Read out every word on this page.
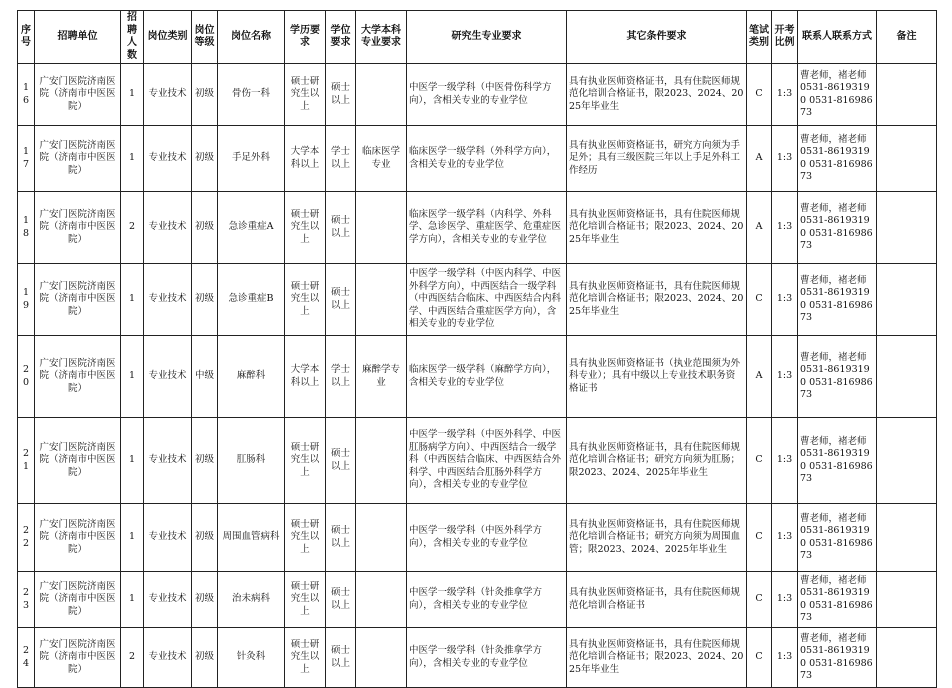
序号	招聘单位	招聘人数	岗位类别	岗位等级	岗位名称	学历要求	学位要求	大学本科专业要求	研究生专业要求	其它条件要求	笔试类别	开考比例	联系人联系方式	备注
16	广安门医院济南医院（济南市中医医院）	1	专业技术	初级	骨伤一科	硕士研究生以上	硕士以上		中医学一级学科（中医骨伤科学方向），含相关专业的专业学位	具有执业医师资格证书，具有住院医师规范化培训合格证书，限2023、2024、2025年毕业生	C	1:3	曹老师，褚老师 0531-86193190 0531-81698673	
17	广安门医院济南医院（济南市中医医院）	1	专业技术	初级	手足外科	大学本科以上	学士以上	临床医学专业	临床医学一级学科（外科学方向），含相关专业的专业学位	具有执业医师资格证书，研究方向须为手足外；具有三级医院三年以上手足外科工作经历	A	1:3	曹老师，褚老师 0531-86193190 0531-81698673	
18	广安门医院济南医院（济南市中医医院）	2	专业技术	初级	急诊重症A	硕士研究生以上	硕士以上		临床医学一级学科（内科学、外科学、急诊医学、重症医学、危重症医学方向），含相关专业的专业学位	具有执业医师资格证书，具有住院医师规范化培训合格证书；限2023、2024、2025年毕业生	A	1:3	曹老师，褚老师 0531-86193190 0531-81698673	
19	广安门医院济南医院（济南市中医医院）	1	专业技术	初级	急诊重症B	硕士研究生以上	硕士以上		中医学一级学科（中医内科学、中医外科学方向），中西医结合一级学科（中西医结合临床、中西医结合内科学、中西医结合重症医学方向），含相关专业的专业学位	具有执业医师资格证书，具有住院医师规范化培训合格证书；限2023、2024、2025年毕业生	C	1:3	曹老师，褚老师 0531-86193190 0531-81698673	
20	广安门医院济南医院（济南市中医医院）	1	专业技术	中级	麻醉科	大学本科以上	学士以上	麻醉学专业	临床医学一级学科（麻醉学方向），含相关专业的专业学位	具有执业医师资格证书（执业范围须为外科专业）；具有中级以上专业技术职务资格证书	A	1:3	曹老师，褚老师 0531-86193190 0531-81698673	
21	广安门医院济南医院（济南市中医医院）	1	专业技术	初级	肛肠科	硕士研究生以上	硕士以上		中医学一级学科（中医外科学、中医肛肠病学方向）、中西医结合一级学科（中西医结合临床、中西医结合外科学、中西医结合肛肠外科学方向），含相关专业的专业学位	具有执业医师资格证书，具有住院医师规范化培训合格证书；研究方向须为肛肠；限2023、2024、2025年毕业生	C	1:3	曹老师，褚老师 0531-86193190 0531-81698673	
22	广安门医院济南医院（济南市中医医院）	1	专业技术	初级	周围血管病科	硕士研究生以上	硕士以上		中医学一级学科（中医外科学方向），含相关专业的专业学位	具有执业医师资格证书，具有住院医师规范化培训合格证书；研究方向须为周围血管；限2023、2024、2025年毕业生	C	1:3	曹老师，褚老师 0531-86193190 0531-81698673	
23	广安门医院济南医院（济南市中医医院）	1	专业技术	初级	治未病科	硕士研究生以上	硕士以上		中医学一级学科（针灸推拿学方向），含相关专业的专业学位	具有执业医师资格证书，具有住院医师规范化培训合格证书	C	1:3	曹老师，褚老师 0531-86193190 0531-81698673	
24	广安门医院济南医院（济南市中医医院）	2	专业技术	初级	针灸科	硕士研究生以上	硕士以上		中医学一级学科（针灸推拿学方向），含相关专业的专业学位	具有执业医师资格证书，具有住院医师规范化培训合格证书；限2023、2024、2025年毕业生	C	1:3	曹老师，褚老师 0531-86193190 0531-81698673	
